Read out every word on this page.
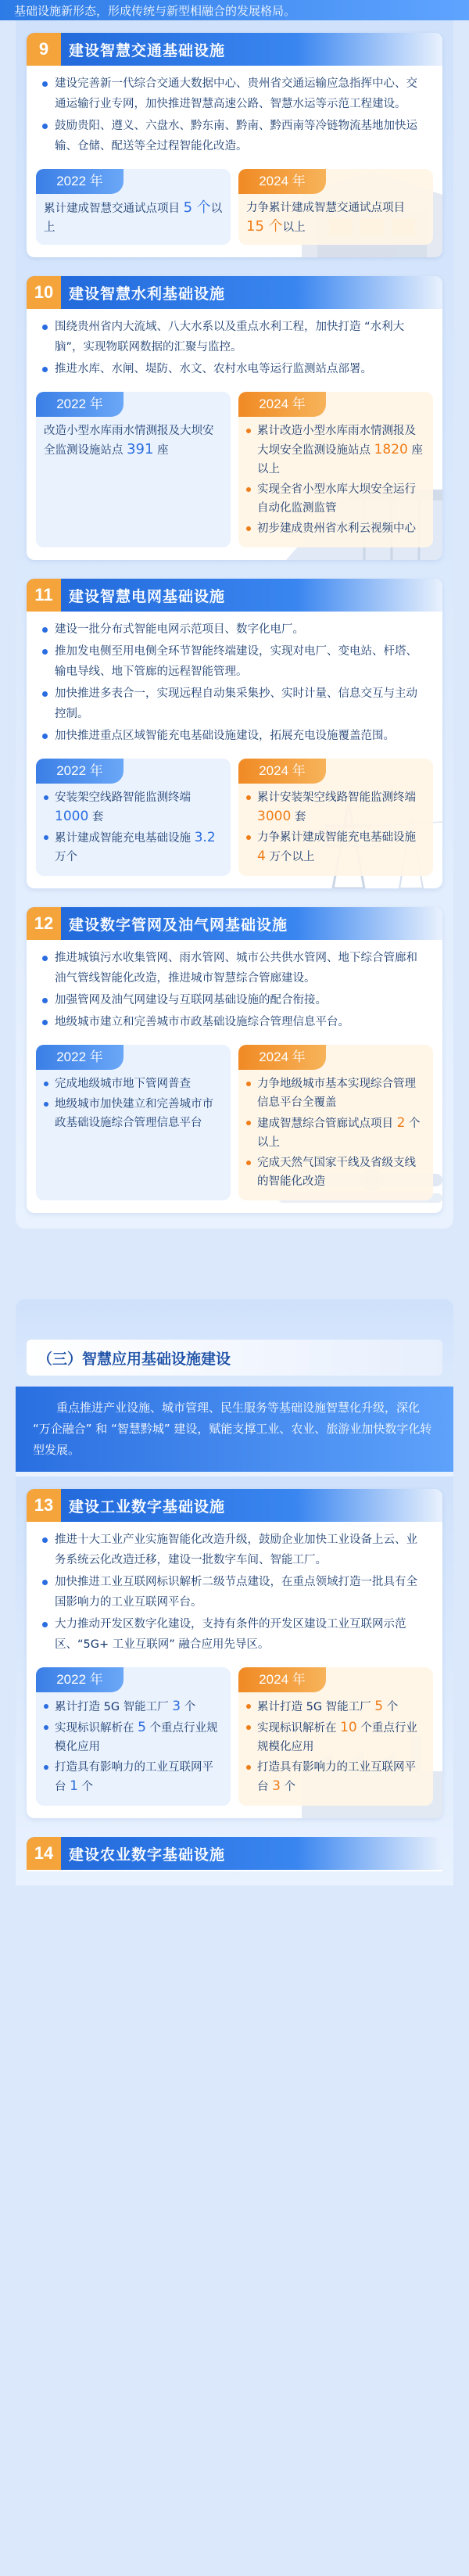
基础设施新形态，形成传统与新型相融合的发展格局。
9	建设智慧交通基础设施
建设完善新一代综合交通大数据中心、贵州省交通运输应急指挥中心、交通运输行业专网，加快推进智慧高速公路、智慧水运等示范工程建设。
鼓励贵阳、遵义、六盘水、黔东南、黔南、黔西南等冷链物流基地加快运输、仓储、配送等全过程智能化改造。
2022 年
累计建成智慧交通试点项目 5 个以上
2024 年
力争累计建成智慧交通试点项目 15 个以上
10	建设智慧水利基础设施
围绕贵州省内大流域、八大水系以及重点水利工程，加快打造 “水利大脑”，实现物联网数据的汇聚与监控。
推进水库、水闸、堤防、水文、农村水电等运行监测站点部署。
2022 年
改造小型水库雨水情测报及大坝安全监测设施站点 391 座
2024 年
累计改造小型水库雨水情测报及大坝安全监测设施站点 1820 座以上
实现全省小型水库大坝安全运行自动化监测监管
初步建成贵州省水利云视频中心
11	建设智慧电网基础设施
建设一批分布式智能电网示范项目、数字化电厂。
推加发电侧至用电侧全环节智能终端建设，实现对电厂、变电站、杆塔、输电导线、地下管廊的远程智能管理。
加快推进多表合一，实现远程自动集采集抄、实时计量、信息交互与主动控制。
加快推进重点区域智能充电基础设施建设，拓展充电设施覆盖范围。
2022 年
安装架空线路智能监测终端 1000 套
累计建成智能充电基础设施 3.2 万个
2024 年
累计安装架空线路智能监测终端 3000 套
力争累计建成智能充电基础设施 4 万个以上
12	建设数字管网及油气网基础设施
推进城镇污水收集管网、雨水管网、城市公共供水管网、地下综合管廊和油气管线智能化改造，推进城市智慧综合管廊建设。
加强管网及油气网建设与互联网基础设施的配合衔接。
地级城市建立和完善城市市政基础设施综合管理信息平台。
2022 年
完成地级城市地下管网普查
地级城市加快建立和完善城市市政基础设施综合管理信息平台
2024 年
力争地级城市基本实现综合管理信息平台全覆盖
建成智慧综合管廊试点项目 2 个以上
完成天然气国家干线及省级支线的智能化改造
（三）智慧应用基础设施建设
重点推进产业设施、城市管理、民生服务等基础设施智慧化升级，深化 “万企融合” 和 “智慧黔城” 建设，赋能支撑工业、农业、旅游业加快数字化转型发展。
13	建设工业数字基础设施
推进十大工业产业实施智能化改造升级，鼓励企业加快工业设备上云、业务系统云化改造迁移，建设一批数字车间、智能工厂。
加快推进工业互联网标识解析二级节点建设，在重点领域打造一批具有全国影响力的工业互联网平台。
大力推动开发区数字化建设，支持有条件的开发区建设工业互联网示范区、“5G+ 工业互联网” 融合应用先导区。
2022 年
累计打造 5G 智能工厂 3 个
实现标识解析在 5 个重点行业规模化应用
打造具有影响力的工业互联网平台 1 个
2024 年
累计打造 5G 智能工厂 5 个
实现标识解析在 10 个重点行业规模化应用
打造具有影响力的工业互联网平台 3 个
14	建设农业数字基础设施
